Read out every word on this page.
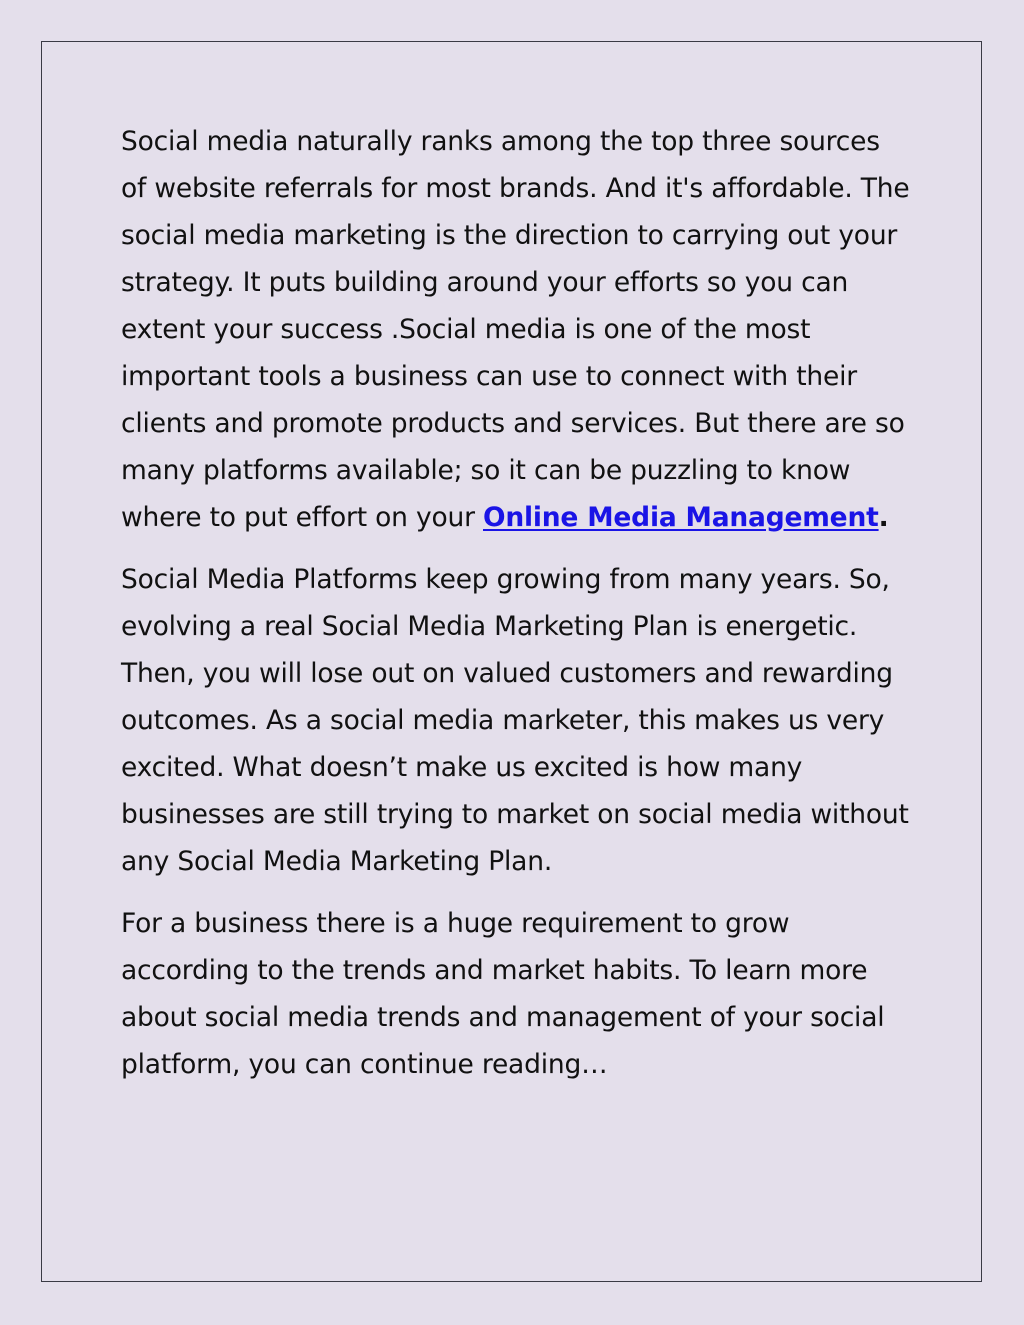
Social media naturally ranks among the top three sources of website referrals for most brands. And it's affordable. The social media marketing is the direction to carrying out your strategy. It puts building around your efforts so you can extent your success .Social media is one of the most important tools a business can use to connect with their clients and promote products and services. But there are so many platforms available; so it can be puzzling to know where to put effort on your Online Media Management.

Social Media Platforms keep growing from many years. So, evolving a real Social Media Marketing Plan is energetic. Then, you will lose out on valued customers and rewarding outcomes. As a social media marketer, this makes us very excited. What doesn’t make us excited is how many businesses are still trying to market on social media without any Social Media Marketing Plan.

For a business there is a huge requirement to grow according to the trends and market habits. To learn more about social media trends and management of your social platform, you can continue reading…
